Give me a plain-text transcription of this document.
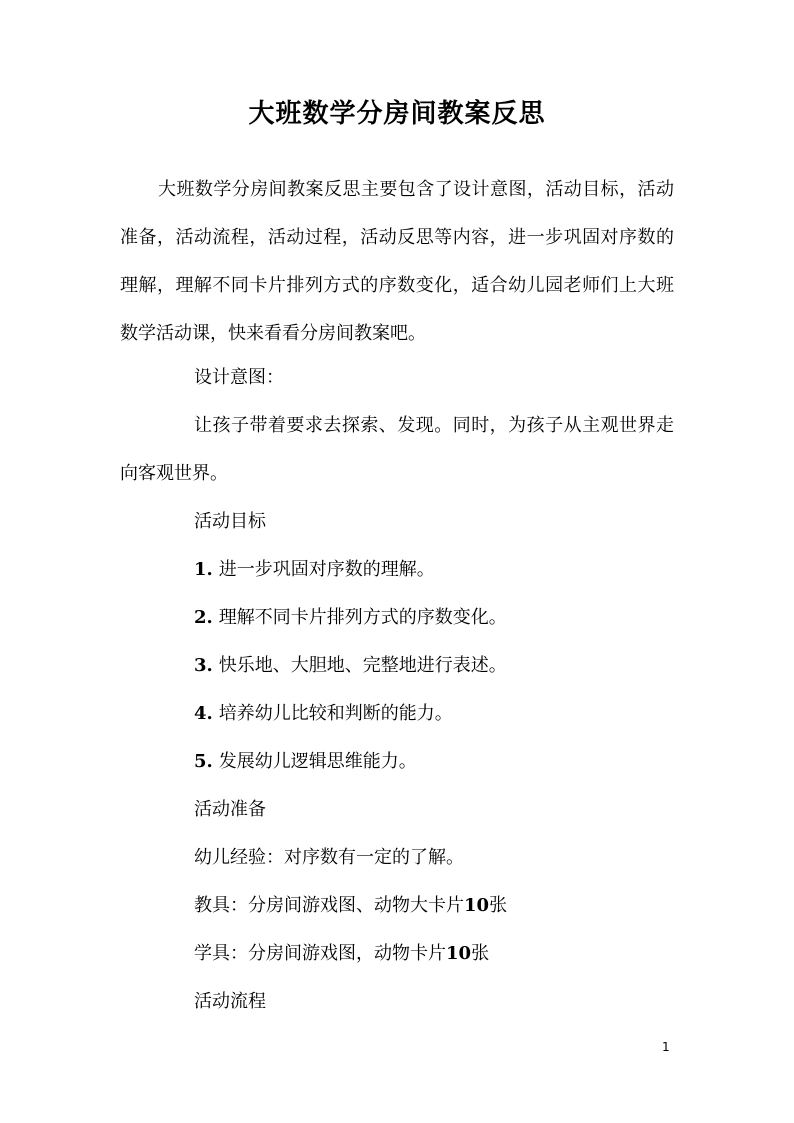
大班数学分房间教案反思

大班数学分房间教案反思主要包含了设计意图，活动目标，活动准备，活动流程，活动过程，活动反思等内容，进一步巩固对序数的理解，理解不同卡片排列方式的序数变化，适合幼儿园老师们上大班数学活动课，快来看看分房间教案吧。

设计意图：

让孩子带着要求去探索、发现。同时，为孩子从主观世界走向客观世界。

活动目标

1. 进一步巩固对序数的理解。

2. 理解不同卡片排列方式的序数变化。

3. 快乐地、大胆地、完整地进行表述。

4. 培养幼儿比较和判断的能力。

5. 发展幼儿逻辑思维能力。

活动准备

幼儿经验：对序数有一定的了解。

教具：分房间游戏图、动物大卡片10张

学具：分房间游戏图，动物卡片10张

活动流程

1
